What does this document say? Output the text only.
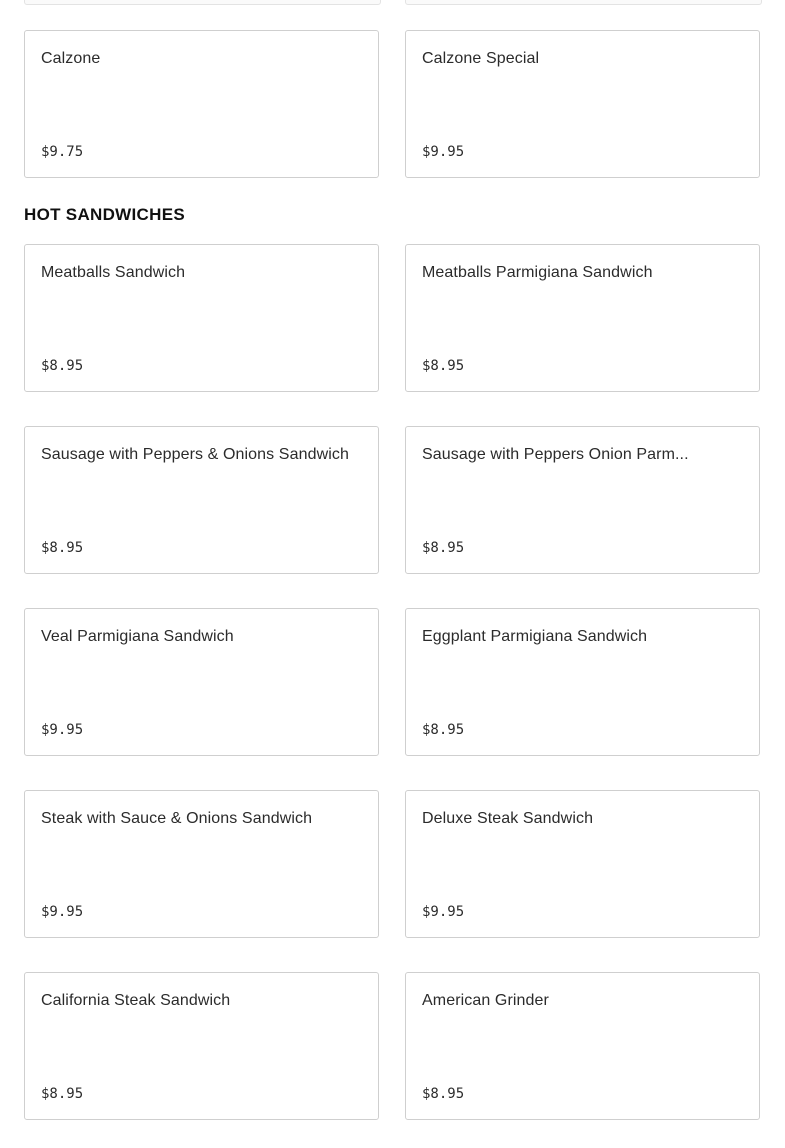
Calzone
$9.75
Calzone Special
$9.95
HOT SANDWICHES
Meatballs Sandwich
$8.95
Meatballs Parmigiana Sandwich
$8.95
Sausage with Peppers & Onions Sandwich
$8.95
Sausage with Peppers Onion Parm...
$8.95
Veal Parmigiana Sandwich
$9.95
Eggplant Parmigiana Sandwich
$8.95
Steak with Sauce & Onions Sandwich
$9.95
Deluxe Steak Sandwich
$9.95
California Steak Sandwich
$8.95
American Grinder
$8.95
